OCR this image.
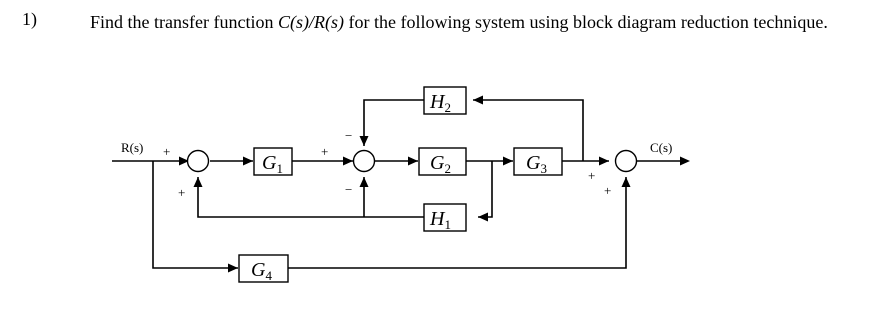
1)	Find the transfer function C(s)/R(s) for the following system using block diagram reduction technique.
$G_1$	$G_2$	$G_3$
$H_2$
$H_1$
$G_4$
R(s)	C(s)
+
+
+
−
−
+
+
